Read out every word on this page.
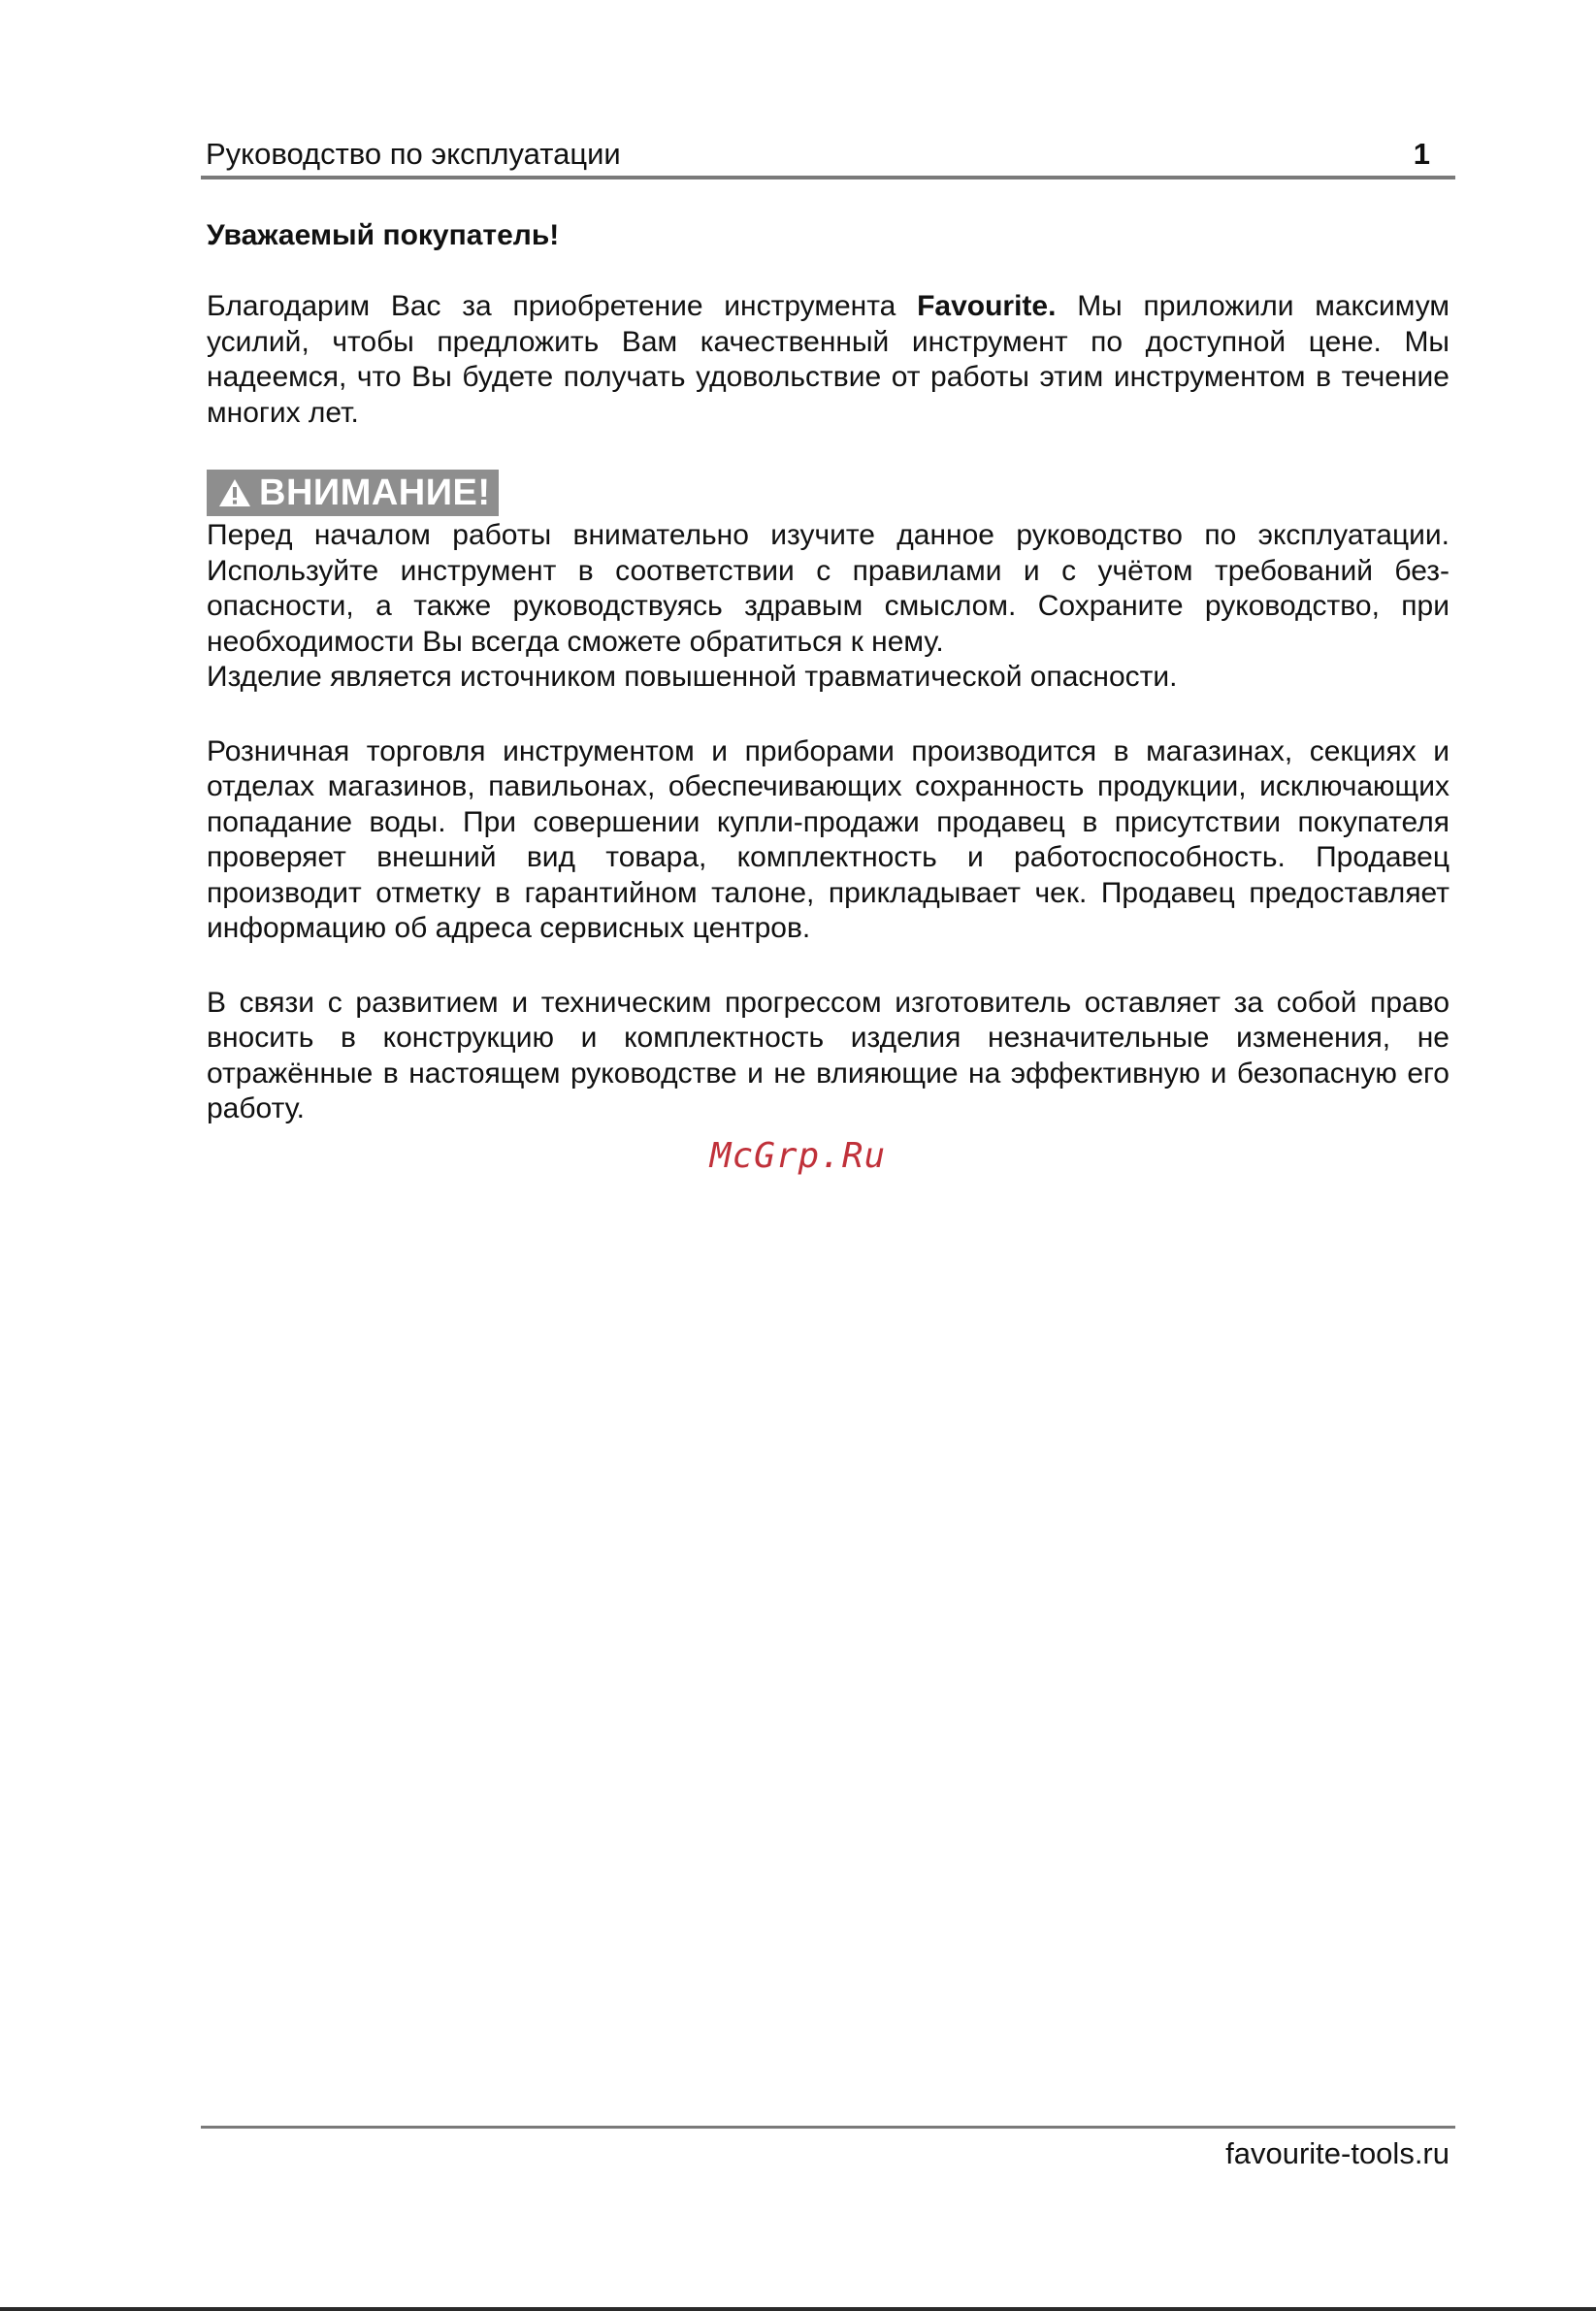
Руководство по эксплуатации	1

Уважаемый покупатель!

Благодарим Вас за приобретение инструмента Favourite. Мы приложили максимум усилий, чтобы предложить Вам качественный инструмент по доступной цене. Мы надеемся, что Вы будете получать удовольствие от работы этим инструментом в течение многих лет.

ВНИМАНИЕ!

Перед началом работы внимательно изучите данное руководство по эксплуатации. Используйте инструмент в соответствии с правилами и с учётом требований безопасности, а также руководствуясь здравым смыслом. Сохраните руководство, при необходимости Вы всегда сможете обратиться к нему.

Изделие является источником повышенной травматической опасности.

Розничная торговля инструментом и приборами производится в магазинах, секциях и отделах магазинов, павильонах, обеспечивающих сохранность продукции, исключающих попадание воды. При совершении купли-продажи продавец в присутствии покупателя проверяет внешний вид товара, комплектность и работоспособность. Продавец производит отметку в гарантийном талоне, прикладывает чек. Продавец предоставляет информацию об адреса сервисных центров.

В связи с развитием и техническим прогрессом изготовитель оставляет за собой право вносить в конструкцию и комплектность изделия незначительные изменения, не отражённые в настоящем руководстве и не влияющие на эффективную и безопасную его работу.

McGrp.Ru
favourite-tools.ru
